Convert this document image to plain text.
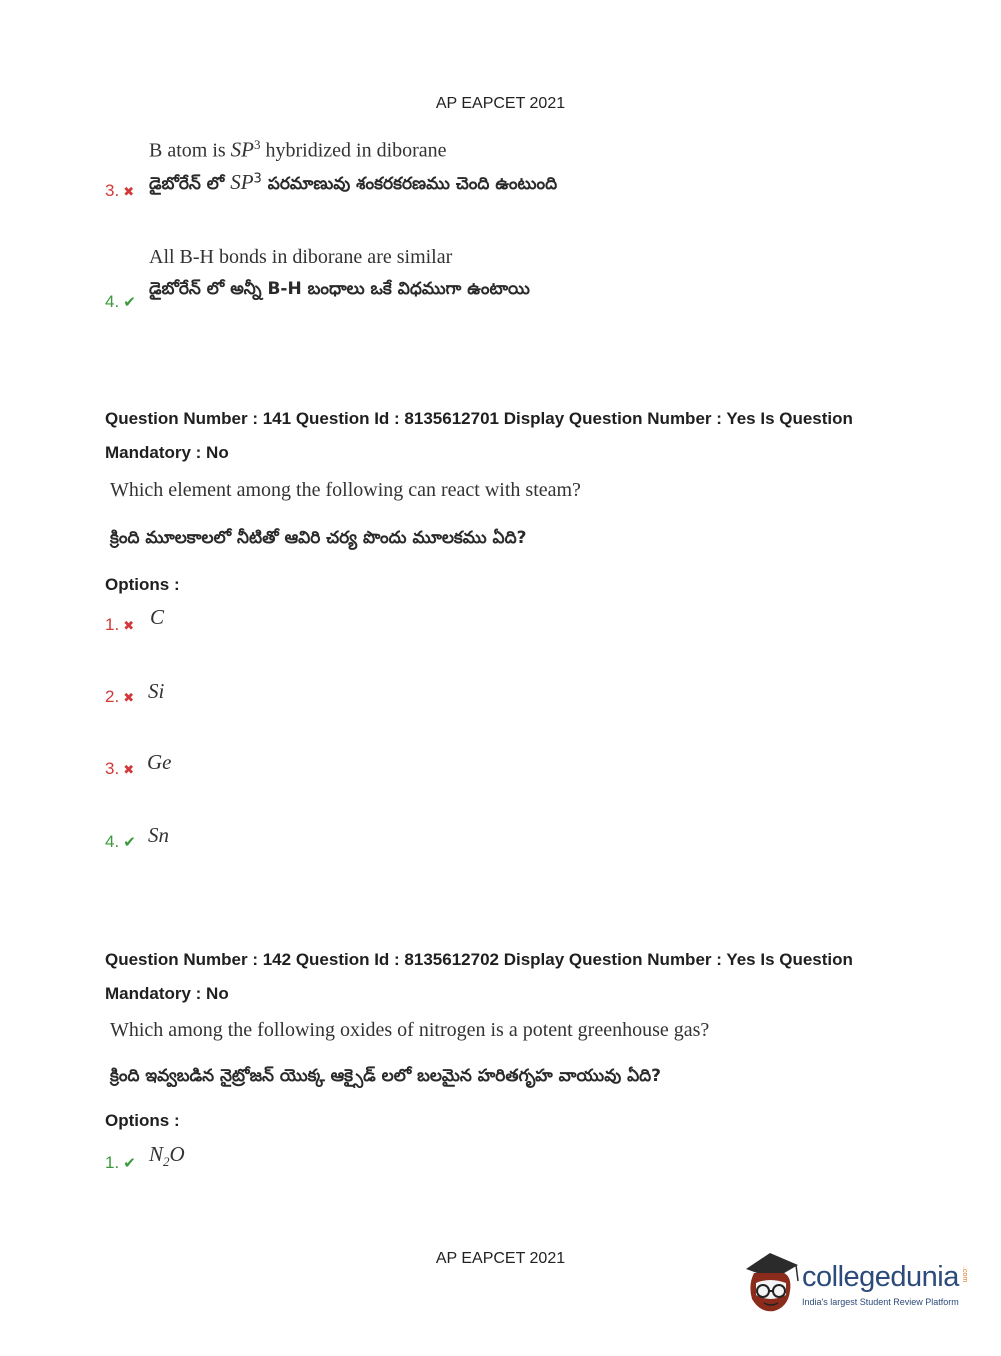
AP EAPCET 2021
B atom is $SP^3$ hybridized in diborane
3. ✖ డైబోరేన్ లో $SP^3$ పరమాణువు శంకరకరణము చెంది ఉంటుంది
All B-H bonds in diborane are similar
4. ✔
డైబోరేన్ లో అన్నీ B-H బంధాలు ఒకే విధముగా ఉంటాయి
Question Number : 141 Question Id : 8135612701 Display Question Number : Yes Is Question
Mandatory : No
Which element among the following can react with steam?
క్రింది మూలకాలలో నీటితో ఆవిరి చర్య పొందు మూలకము ఏది?
Options :
1. ✖ C
2. ✖ Si
3. ✖ Ge
4. ✔ Sn
Question Number : 142 Question Id : 8135612702 Display Question Number : Yes Is Question
Mandatory : No
Which among the following oxides of nitrogen is a potent greenhouse gas?
క్రింది ఇవ్వబడిన నైట్రోజన్ యొక్క ఆక్సైడ్ లలో బలమైన హరితగృహ వాయువు ఏది?
Options :
1. ✔ $N_2O$
AP EAPCET 2021
collegedunia .com
India's largest Student Review Platform
